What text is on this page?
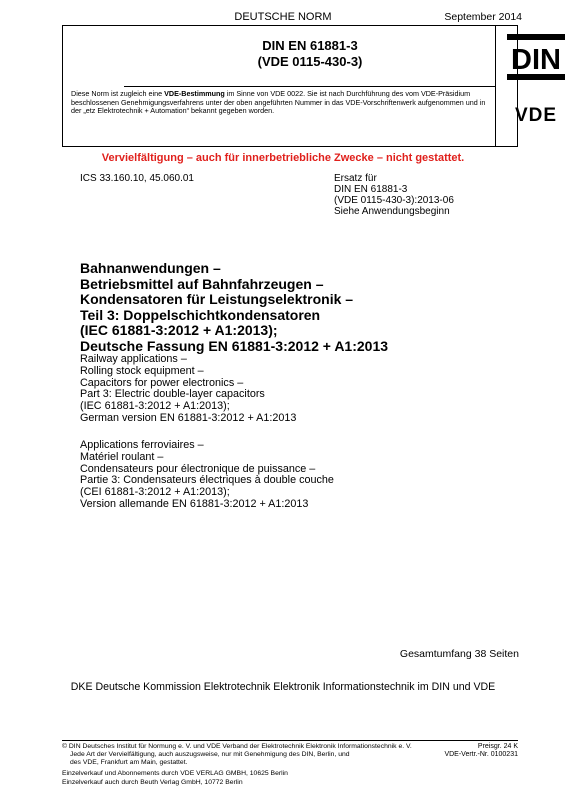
DEUTSCHE NORM	September 2014
DIN EN 61881-3
(VDE 0115-430-3)	DIN
VDE
Diese Norm ist zugleich eine VDE-Bestimmung im Sinne von VDE 0022. Sie ist nach Durchführung des vom VDE-Präsidium beschlossenen Genehmigungsverfahrens unter der oben angeführten Nummer in das VDE-Vorschriftenwerk aufgenommen und in der „etz Elektrotechnik + Automation“ bekannt gegeben worden.
Vervielfältigung – auch für innerbetriebliche Zwecke – nicht gestattet.
ICS 33.160.10, 45.060.01	Ersatz für
DIN EN 61881-3
(VDE 0115-430-3):2013-06
Siehe Anwendungsbeginn
Bahnanwendungen –
Betriebsmittel auf Bahnfahrzeugen –
Kondensatoren für Leistungselektronik –
Teil 3: Doppelschichtkondensatoren
(IEC 61881-3:2012 + A1:2013);
Deutsche Fassung EN 61881-3:2012 + A1:2013
Railway applications –
Rolling stock equipment –
Capacitors for power electronics –
Part 3: Electric double-layer capacitors
(IEC 61881-3:2012 + A1:2013);
German version EN 61881-3:2012 + A1:2013
Applications ferroviaires –
Matériel roulant –
Condensateurs pour électronique de puissance –
Partie 3: Condensateurs électriques à double couche
(CEI 61881-3:2012 + A1:2013);
Version allemande EN 61881-3:2012 + A1:2013
Gesamtumfang 38 Seiten
DKE Deutsche Kommission Elektrotechnik Elektronik Informationstechnik im DIN und VDE
© DIN Deutsches Institut für Normung e. V. und VDE Verband der Elektrotechnik Elektronik Informationstechnik e. V.
Jede Art der Vervielfältigung, auch auszugsweise, nur mit Genehmigung des DIN, Berlin, und
des VDE, Frankfurt am Main, gestattet.
Preisgr. 24 K
VDE-Vertr.-Nr. 0100231
Einzelverkauf und Abonnements durch VDE VERLAG GMBH, 10625 Berlin
Einzelverkauf auch durch Beuth Verlag GmbH, 10772 Berlin
